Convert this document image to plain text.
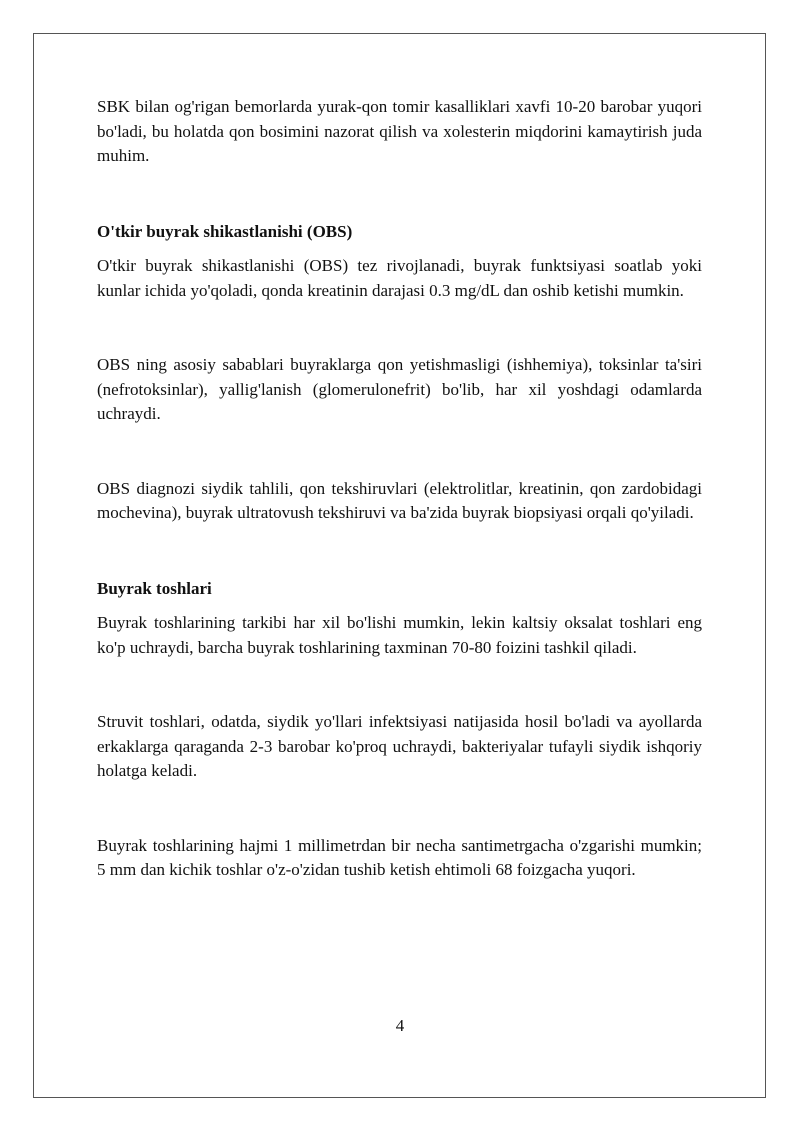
SBK bilan og'rigan bemorlarda yurak-qon tomir kasalliklari xavfi 10-20 barobar yuqori bo'ladi, bu holatda qon bosimini nazorat qilish va xolesterin miqdorini kamaytirish juda muhim.

O'tkir buyrak shikastlanishi (OBS)

O'tkir buyrak shikastlanishi (OBS) tez rivojlanadi, buyrak funktsiyasi soatlab yoki kunlar ichida yo'qoladi, qonda kreatinin darajasi 0.3 mg/dL dan oshib ketishi mumkin.

OBS ning asosiy sabablari buyraklarga qon yetishmasligi (ishhemiya), toksinlar ta'siri (nefrotoksinlar), yallig'lanish (glomerulonefrit) bo'lib, har xil yoshdagi odamlarda uchraydi.

OBS diagnozi siydik tahlili, qon tekshiruvlari (elektrolitlar, kreatinin, qon zardobidagi mochevina), buyrak ultratovush tekshiruvi va ba'zida buyrak biopsiyasi orqali qo'yiladi.

Buyrak toshlari

Buyrak toshlarining tarkibi har xil bo'lishi mumkin, lekin kaltsiy oksalat toshlari eng ko'p uchraydi, barcha buyrak toshlarining taxminan 70-80 foizini tashkil qiladi.

Struvit toshlari, odatda, siydik yo'llari infektsiyasi natijasida hosil bo'ladi va ayollarda erkaklarga qaraganda 2-3 barobar ko'proq uchraydi, bakteriyalar tufayli siydik ishqoriy holatga keladi.

Buyrak toshlarining hajmi 1 millimetrdan bir necha santimetrgacha o'zgarishi mumkin; 5 mm dan kichik toshlar o'z-o'zidan tushib ketish ehtimoli 68 foizgacha yuqori.

4
